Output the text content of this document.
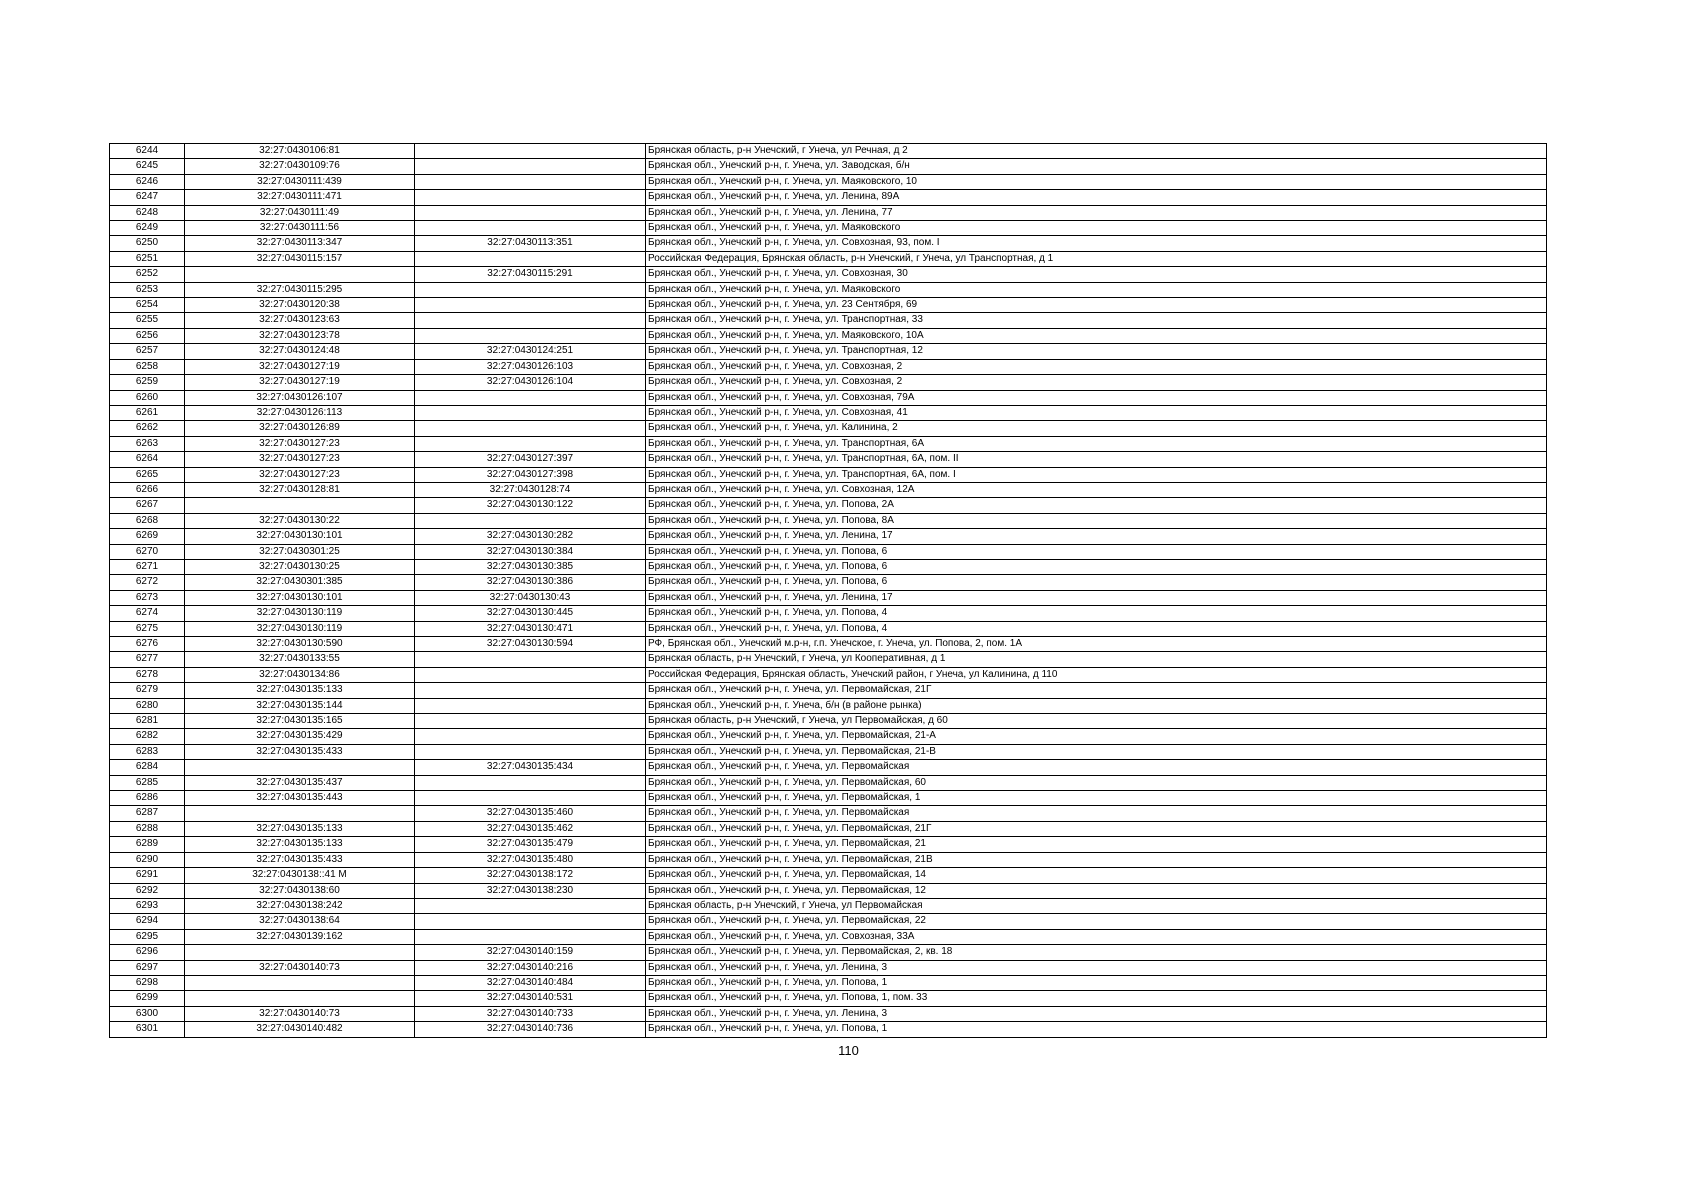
6244	32:27:0430106:81		Брянская область, р-н Унечский, г Унеча, ул Речная, д 2
6245	32:27:0430109:76		Брянская обл., Унечский р-н, г. Унеча, ул. Заводская, б/н
6246	32:27:0430111:439		Брянская обл., Унечский р-н, г. Унеча, ул. Маяковского, 10
6247	32:27:0430111:471		Брянская обл., Унечский р-н, г. Унеча, ул. Ленина, 89А
6248	32:27:0430111:49		Брянская обл., Унечский р-н, г. Унеча, ул. Ленина, 77
6249	32:27:0430111:56		Брянская обл., Унечский р-н, г. Унеча, ул. Маяковского
6250	32:27:0430113:347	32:27:0430113:351	Брянская обл., Унечский р-н, г. Унеча, ул. Совхозная, 93, пом. I
6251	32:27:0430115:157		Российская Федерация, Брянская область, р-н Унечский, г Унеча, ул Транспортная, д 1
6252		32:27:0430115:291	Брянская обл., Унечский р-н, г. Унеча, ул. Совхозная, 30
6253	32:27:0430115:295		Брянская обл., Унечский р-н, г. Унеча, ул. Маяковского
6254	32:27:0430120:38		Брянская обл., Унечский р-н, г. Унеча, ул. 23 Сентября, 69
6255	32:27:0430123:63		Брянская обл., Унечский р-н, г. Унеча, ул. Транспортная, 33
6256	32:27:0430123:78		Брянская обл., Унечский р-н, г. Унеча, ул. Маяковского, 10А
6257	32:27:0430124:48	32:27:0430124:251	Брянская обл., Унечский р-н, г. Унеча, ул. Транспортная, 12
6258	32:27:0430127:19	32:27:0430126:103	Брянская обл., Унечский р-н, г. Унеча, ул. Совхозная, 2
6259	32:27:0430127:19	32:27:0430126:104	Брянская обл., Унечский р-н, г. Унеча, ул. Совхозная, 2
6260	32:27:0430126:107		Брянская обл., Унечский р-н, г. Унеча, ул. Совхозная, 79А
6261	32:27:0430126:113		Брянская обл., Унечский р-н, г. Унеча, ул. Совхозная, 41
6262	32:27:0430126:89		Брянская обл., Унечский р-н, г. Унеча, ул. Калинина, 2
6263	32:27:0430127:23		Брянская обл., Унечский р-н, г. Унеча, ул. Транспортная, 6А
6264	32:27:0430127:23	32:27:0430127:397	Брянская обл., Унечский р-н, г. Унеча, ул. Транспортная, 6А, пом. II
6265	32:27:0430127:23	32:27:0430127:398	Брянская обл., Унечский р-н, г. Унеча, ул. Транспортная, 6А, пом. I
6266	32:27:0430128:81	32:27:0430128:74	Брянская обл., Унечский р-н, г. Унеча, ул. Совхозная, 12А
6267		32:27:0430130:122	Брянская обл., Унечский р-н, г. Унеча, ул. Попова, 2А
6268	32:27:0430130:22		Брянская обл., Унечский р-н, г. Унеча, ул. Попова, 8А
6269	32:27:0430130:101	32:27:0430130:282	Брянская обл., Унечский р-н, г. Унеча, ул. Ленина, 17
6270	32:27:0430301:25	32:27:0430130:384	Брянская обл., Унечский р-н, г. Унеча, ул. Попова, 6
6271	32:27:0430130:25	32:27:0430130:385	Брянская обл., Унечский р-н, г. Унеча, ул. Попова, 6
6272	32:27:0430301:385	32:27:0430130:386	Брянская обл., Унечский р-н, г. Унеча, ул. Попова, 6
6273	32:27:0430130:101	32:27:0430130:43	Брянская обл., Унечский р-н, г. Унеча, ул. Ленина, 17
6274	32:27:0430130:119	32:27:0430130:445	Брянская обл., Унечский р-н, г. Унеча, ул. Попова, 4
6275	32:27:0430130:119	32:27:0430130:471	Брянская обл., Унечский р-н, г. Унеча, ул. Попова, 4
6276	32:27:0430130:590	32:27:0430130:594	РФ, Брянская обл., Унечский м.р-н, г.п. Унечское, г. Унеча, ул. Попова, 2, пом. 1А
6277	32:27:0430133:55		Брянская область, р-н Унечский, г Унеча, ул Кооперативная, д 1
6278	32:27:0430134:86		Российская Федерация, Брянская область, Унечский район, г Унеча, ул Калинина, д 110
6279	32:27:0430135:133		Брянская обл., Унечский р-н, г. Унеча, ул. Первомайская, 21Г
6280	32:27:0430135:144		Брянская обл., Унечский р-н, г. Унеча, б/н (в районе рынка)
6281	32:27:0430135:165		Брянская область, р-н Унечский, г Унеча, ул Первомайская, д 60
6282	32:27:0430135:429		Брянская обл., Унечский р-н, г. Унеча, ул. Первомайская, 21-А
6283	32:27:0430135:433		Брянская обл., Унечский р-н, г. Унеча, ул. Первомайская, 21-В
6284		32:27:0430135:434	Брянская обл., Унечский р-н, г. Унеча, ул. Первомайская
6285	32:27:0430135:437		Брянская обл., Унечский р-н, г. Унеча, ул. Первомайская, 60
6286	32:27:0430135:443		Брянская обл., Унечский р-н, г. Унеча, ул. Первомайская, 1
6287		32:27:0430135:460	Брянская обл., Унечский р-н, г. Унеча, ул. Первомайская
6288	32:27:0430135:133	32:27:0430135:462	Брянская обл., Унечский р-н, г. Унеча, ул. Первомайская, 21Г
6289	32:27:0430135:133	32:27:0430135:479	Брянская обл., Унечский р-н, г. Унеча, ул. Первомайская, 21
6290	32:27:0430135:433	32:27:0430135:480	Брянская обл., Унечский р-н, г. Унеча, ул. Первомайская, 21В
6291	32:27:0430138::41 М	32:27:0430138:172	Брянская обл., Унечский р-н, г. Унеча, ул. Первомайская, 14
6292	32:27:0430138:60	32:27:0430138:230	Брянская обл., Унечский р-н, г. Унеча, ул. Первомайская, 12
6293	32:27:0430138:242		Брянская область, р-н Унечский, г Унеча, ул Первомайская
6294	32:27:0430138:64		Брянская обл., Унечский р-н, г. Унеча, ул. Первомайская, 22
6295	32:27:0430139:162		Брянская обл., Унечский р-н, г. Унеча, ул. Совхозная, 33А
6296		32:27:0430140:159	Брянская обл., Унечский р-н, г. Унеча, ул. Первомайская, 2, кв. 18
6297	32:27:0430140:73	32:27:0430140:216	Брянская обл., Унечский р-н, г. Унеча, ул. Ленина, 3
6298		32:27:0430140:484	Брянская обл., Унечский р-н, г. Унеча, ул. Попова, 1
6299		32:27:0430140:531	Брянская обл., Унечский р-н, г. Унеча, ул. Попова, 1, пом. 33
6300	32:27:0430140:73	32:27:0430140:733	Брянская обл., Унечский р-н, г. Унеча, ул. Ленина, 3
6301	32:27:0430140:482	32:27:0430140:736	Брянская обл., Унечский р-н, г. Унеча, ул. Попова, 1
110
